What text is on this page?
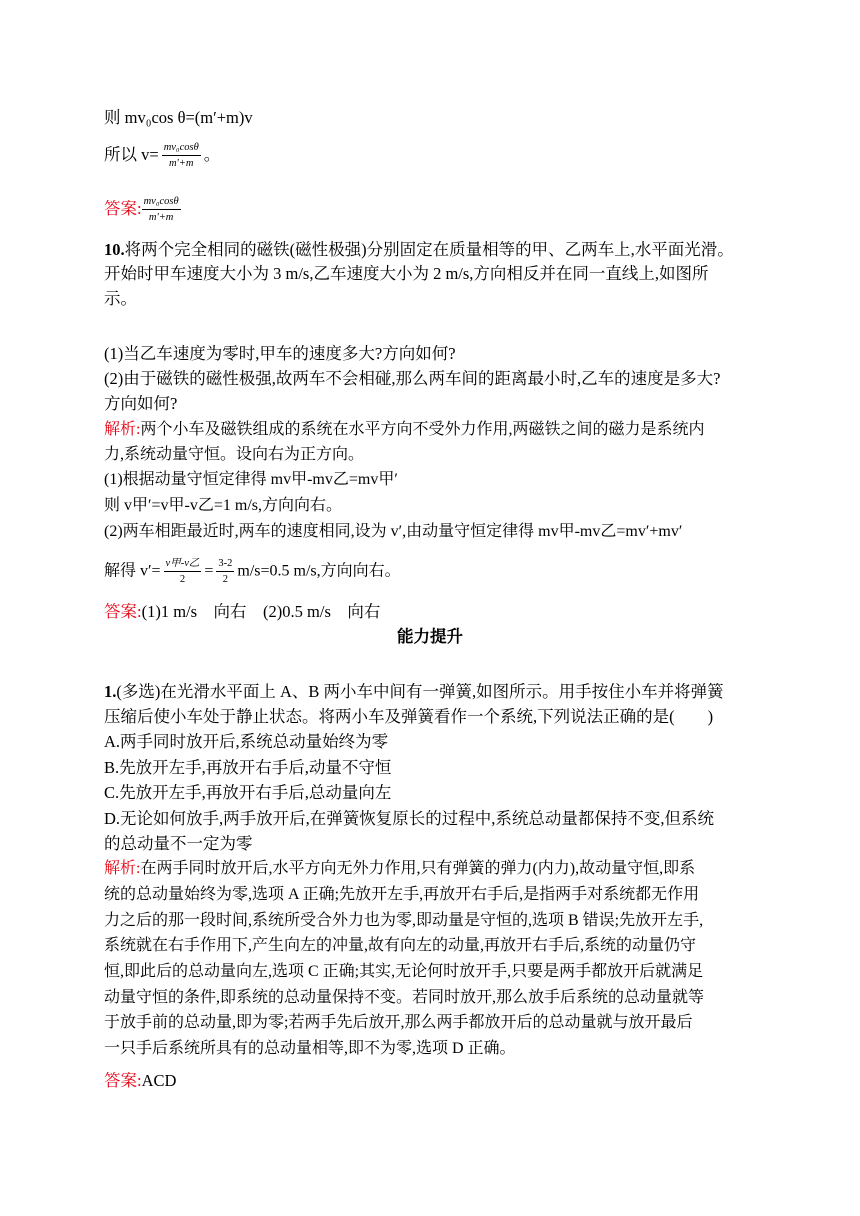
则 mv₀cos θ=(m′+m)v
所以 $v= \frac{\text{mv₀cosθ}}{m'+m}$ 。
答案: $\frac{\text{mv₀cosθ}}{m'+m}$
10.将两个完全相同的磁铁(磁性极强)分别固定在质量相等的甲、乙两车上,水平面光滑。
开始时甲车速度大小为 3 m/s,乙车速度大小为 2 m/s,方向相反并在同一直线上,如图所
示。
(1)当乙车速度为零时,甲车的速度多大?方向如何?
(2)由于磁铁的磁性极强,故两车不会相碰,那么两车间的距离最小时,乙车的速度是多大?
方向如何?
解析:两个小车及磁铁组成的系统在水平方向不受外力作用,两磁铁之间的磁力是系统内
力,系统动量守恒。设向右为正方向。
(1)根据动量守恒定律得 mv甲-mv乙=mv甲′
则 v甲′=v甲-v乙=1 m/s,方向向右。
(2)两车相距最近时,两车的速度相同,设为 v′,由动量守恒定律得 mv甲-mv乙=mv′+mv′
解得 $v'= \frac{\text{v甲-v乙}}{2} = \frac{3-2}{2} m/s=0.5$ m/s,方向向右。
答案:(1)1 m/s　向右　(2)0.5 m/s　向右
能力提升
1.(多选)在光滑水平面上 A、B 两小车中间有一弹簧,如图所示。用手按住小车并将弹簧
压缩后使小车处于静止状态。将两小车及弹簧看作一个系统,下列说法正确的是(　　)
A.两手同时放开后,系统总动量始终为零
B.先放开左手,再放开右手后,动量不守恒
C.先放开左手,再放开右手后,总动量向左
D.无论如何放手,两手放开后,在弹簧恢复原长的过程中,系统总动量都保持不变,但系统
的总动量不一定为零
解析:在两手同时放开后,水平方向无外力作用,只有弹簧的弹力(内力),故动量守恒,即系
统的总动量始终为零,选项 A 正确;先放开左手,再放开右手后,是指两手对系统都无作用
力之后的那一段时间,系统所受合外力也为零,即动量是守恒的,选项 B 错误;先放开左手,
系统就在右手作用下,产生向左的冲量,故有向左的动量,再放开右手后,系统的动量仍守
恒,即此后的总动量向左,选项 C 正确;其实,无论何时放开手,只要是两手都放开后就满足
动量守恒的条件,即系统的总动量保持不变。若同时放开,那么放手后系统的总动量就等
于放手前的总动量,即为零;若两手先后放开,那么两手都放开后的总动量就与放开最后
一只手后系统所具有的总动量相等,即不为零,选项 D 正确。
答案:ACD
